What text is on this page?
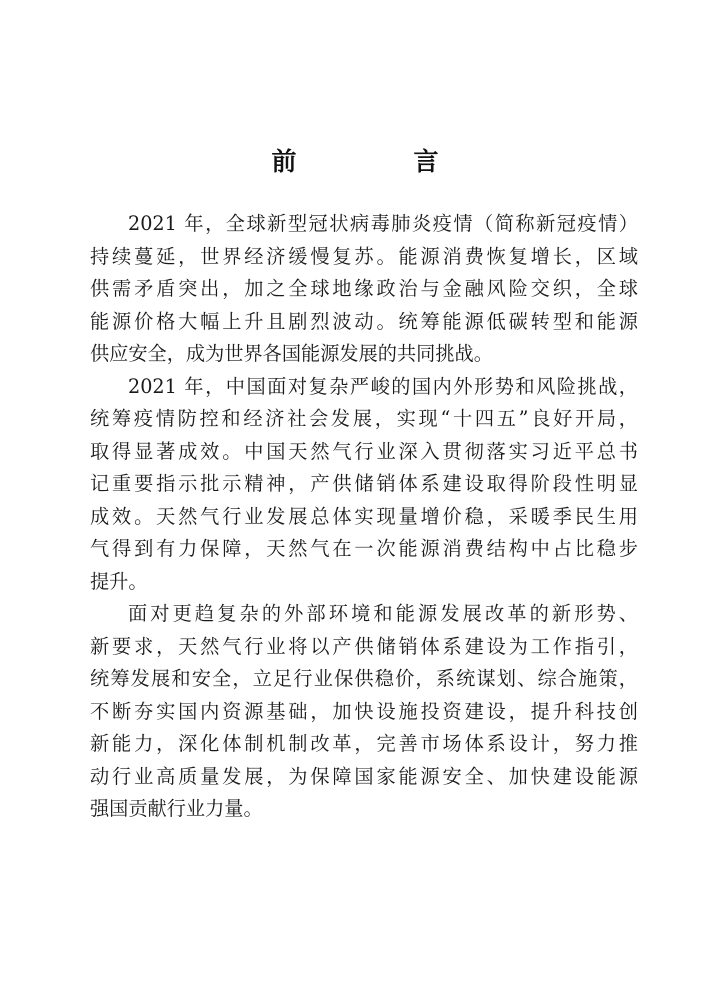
前　言
2021 年，全球新型冠状病毒肺炎疫情（简称新冠疫情）
持续蔓延，世界经济缓慢复苏。能源消费恢复增长，区域
供需矛盾突出，加之全球地缘政治与金融风险交织，全球
能源价格大幅上升且剧烈波动。统筹能源低碳转型和能源
供应安全，成为世界各国能源发展的共同挑战。
2021 年，中国面对复杂严峻的国内外形势和风险挑战，
统筹疫情防控和经济社会发展，实现“十四五”良好开局，
取得显著成效。中国天然气行业深入贯彻落实习近平总书
记重要指示批示精神，产供储销体系建设取得阶段性明显
成效。天然气行业发展总体实现量增价稳，采暖季民生用
气得到有力保障，天然气在一次能源消费结构中占比稳步
提升。
面对更趋复杂的外部环境和能源发展改革的新形势、
新要求，天然气行业将以产供储销体系建设为工作指引，
统筹发展和安全，立足行业保供稳价，系统谋划、综合施策，
不断夯实国内资源基础，加快设施投资建设，提升科技创
新能力，深化体制机制改革，完善市场体系设计，努力推
动行业高质量发展，为保障国家能源安全、加快建设能源
强国贡献行业力量。
